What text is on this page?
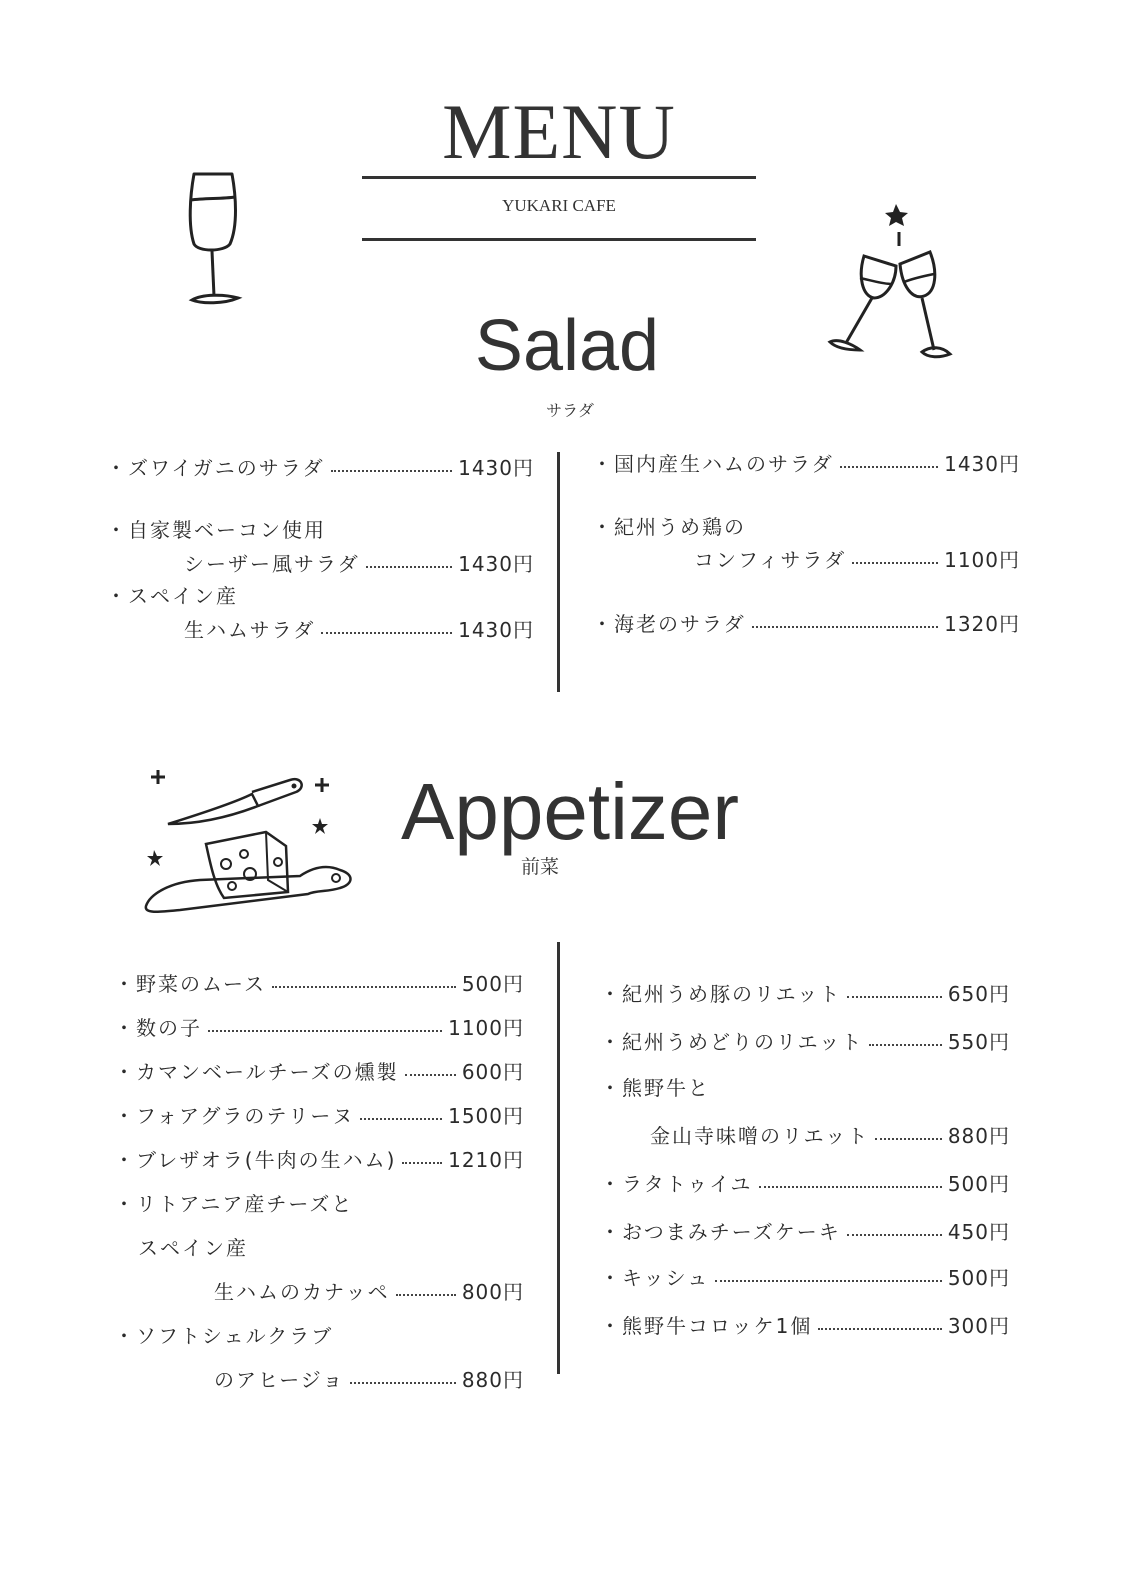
MENU
YUKARI CAFE
Salad
サラダ
・ズワイガニのサラダ	1430円
・自家製ベーコン使用
シーザー風サラダ	1430円
・スペイン産
生ハムサラダ	1430円
・国内産生ハムのサラダ	1430円
・紀州うめ鶏の
コンフィサラダ	1100円
・海老のサラダ	1320円
Appetizer
前菜
・野菜のムース	500円
・数の子	1100円
・カマンベールチーズの燻製	600円
・フォアグラのテリーヌ	1500円
・ブレザオラ(牛肉の生ハム)	1210円
・リトアニア産チーズと
スペイン産
生ハムのカナッペ	800円
・ソフトシェルクラブ
のアヒージョ	880円
・紀州うめ豚のリエット	650円
・紀州うめどりのリエット	550円
・熊野牛と
金山寺味噌のリエット	880円
・ラタトゥイユ	500円
・おつまみチーズケーキ	450円
・キッシュ	500円
・熊野牛コロッケ1個	300円
